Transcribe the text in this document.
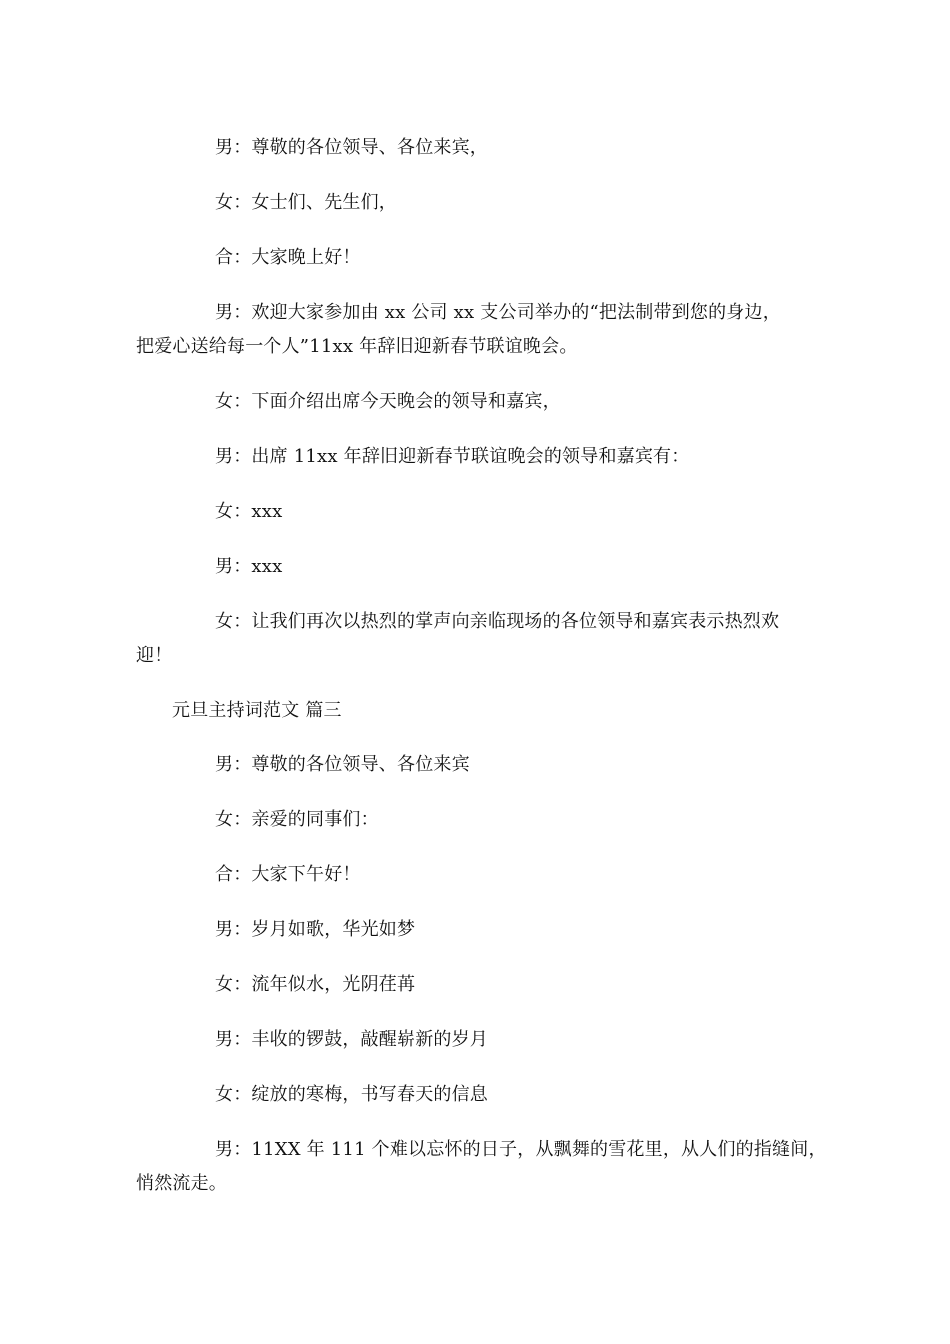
男：尊敬的各位领导、各位来宾，
女：女士们、先生们，
合：大家晚上好！
男：欢迎大家参加由 xx 公司 xx 支公司举办的“把法制带到您的身边，
把爱心送给每一个人”11xx 年辞旧迎新春节联谊晚会。
女：下面介绍出席今天晚会的领导和嘉宾，
男：出席 11xx 年辞旧迎新春节联谊晚会的领导和嘉宾有：
女：xxx
男：xxx
女：让我们再次以热烈的掌声向亲临现场的各位领导和嘉宾表示热烈欢
迎！
元旦主持词范文 篇三
男：尊敬的各位领导、各位来宾
女：亲爱的同事们：
合：大家下午好！
男：岁月如歌，华光如梦
女：流年似水，光阴荏苒
男：丰收的锣鼓，敲醒崭新的岁月
女：绽放的寒梅，书写春天的信息
男：11XX 年 111 个难以忘怀的日子，从飘舞的雪花里，从人们的指缝间，
悄然流走。
